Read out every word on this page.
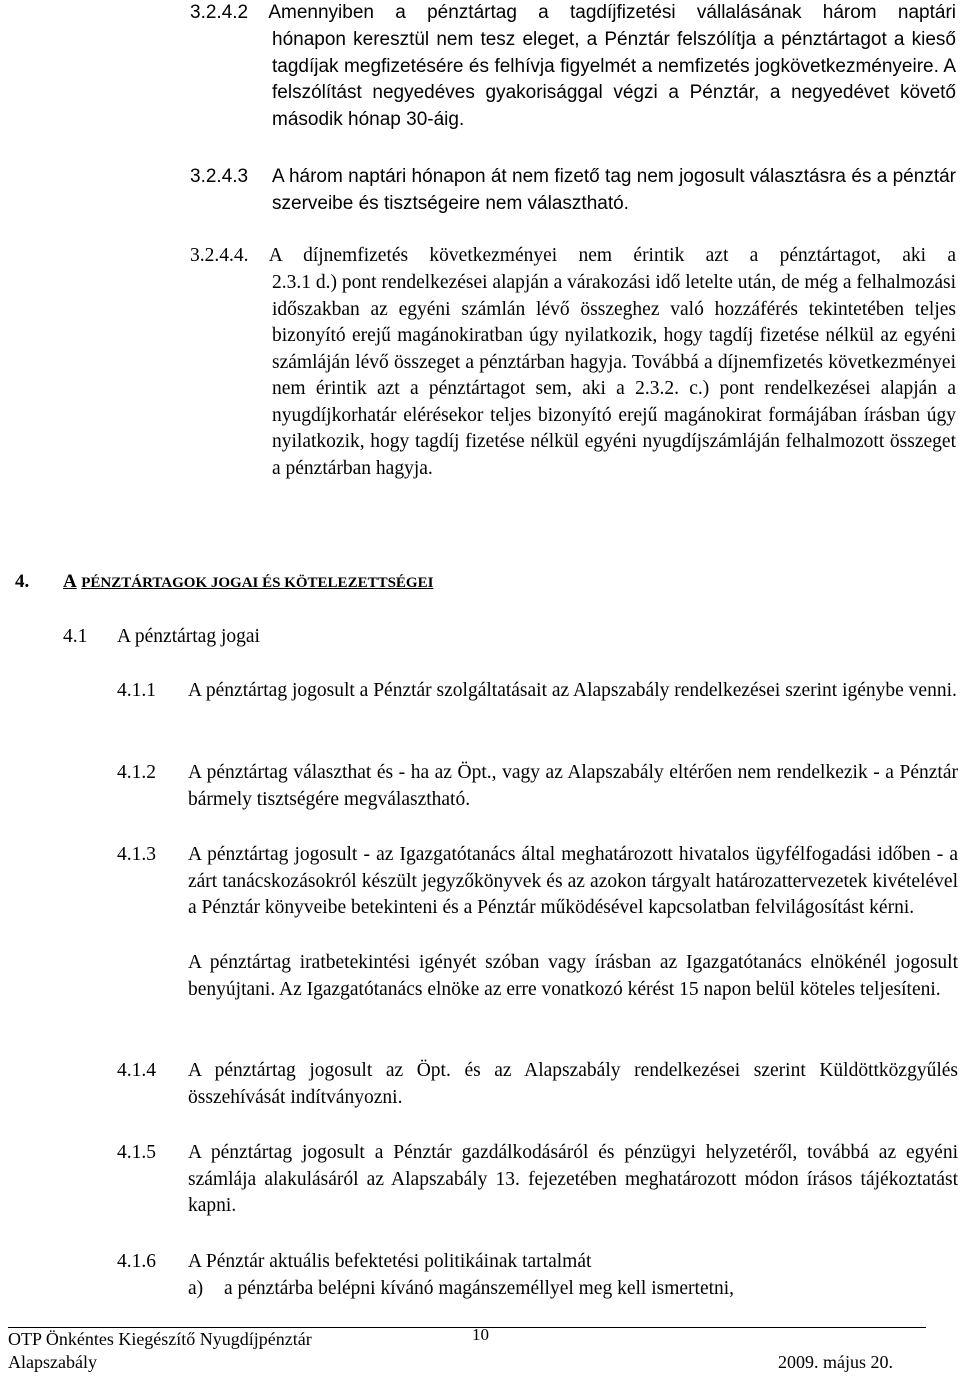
3.2.4.2 Amennyiben a pénztártag a tagdíjfizetési vállalásának három naptári
hónapon keresztül nem tesz eleget, a Pénztár felszólítja a pénztártagot a kieső tagdíjak megfizetésére és felhívja figyelmét a nemfizetés jogkövetkezményeire. A felszólítást negyedéves gyakorisággal végzi a Pénztár, a negyedévet követő második hónap 30-áig.
3.2.4.3 A három naptári hónapon át nem fizető tag nem jogosult választásra és a pénztár szerveibe és tisztségeire nem választható.
3.2.4.4. A díjnemfizetés következményei nem érintik azt a pénztártagot, aki a
2.3.1 d.) pont rendelkezései alapján a várakozási idő letelte után, de még a felhalmozási időszakban az egyéni számlán lévő összeghez való hozzáférés tekintetében teljes bizonyító erejű magánokiratban úgy nyilatkozik, hogy tagdíj fizetése nélkül az egyéni számláján lévő összeget a pénztárban hagyja. Továbbá a díjnemfizetés következményei nem érintik azt a pénztártagot sem, aki a 2.3.2. c.) pont rendelkezései alapján a nyugdíjkorhatár elérésekor teljes bizonyító erejű magánokirat formájában írásban úgy nyilatkozik, hogy tagdíj fizetése nélkül egyéni nyugdíjszámláján felhalmozott összeget a pénztárban hagyja.
4. A PÉNZTÁRTAGOK JOGAI ÉS KÖTELEZETTSÉGEI
4.1 A pénztártag jogai
4.1.1 A pénztártag jogosult a Pénztár szolgáltatásait az Alapszabály rendelkezései szerint igénybe venni.
4.1.2 A pénztártag választhat és - ha az Öpt., vagy az Alapszabály eltérően nem rendelkezik - a Pénztár bármely tisztségére megválasztható.
4.1.3 A pénztártag jogosult - az Igazgatótanács által meghatározott hivatalos ügyfélfogadási időben - a zárt tanácskozásokról készült jegyzőkönyvek és az azokon tárgyalt határozattervezetek kivételével a Pénztár könyveibe betekinteni és a Pénztár működésével kapcsolatban felvilágosítást kérni.
A pénztártag iratbetekintési igényét szóban vagy írásban az Igazgatótanács elnökénél jogosult benyújtani. Az Igazgatótanács elnöke az erre vonatkozó kérést 15 napon belül köteles teljesíteni.
4.1.4 A pénztártag jogosult az Öpt. és az Alapszabály rendelkezései szerint Küldöttközgyűlés összehívását indítványozni.
4.1.5 A pénztártag jogosult a Pénztár gazdálkodásáról és pénzügyi helyzetéről, továbbá az egyéni számlája alakulásáról az Alapszabály 13. fejezetében meghatározott módon írásos tájékoztatást kapni.
4.1.6 A Pénztár aktuális befektetési politikáinak tartalmát
a) a pénztárba belépni kívánó magánszeméllyel meg kell ismertetni,
OTP Önkéntes Kiegészítő Nyugdíjpénztár	10
Alapszabály	2009. május 20.
